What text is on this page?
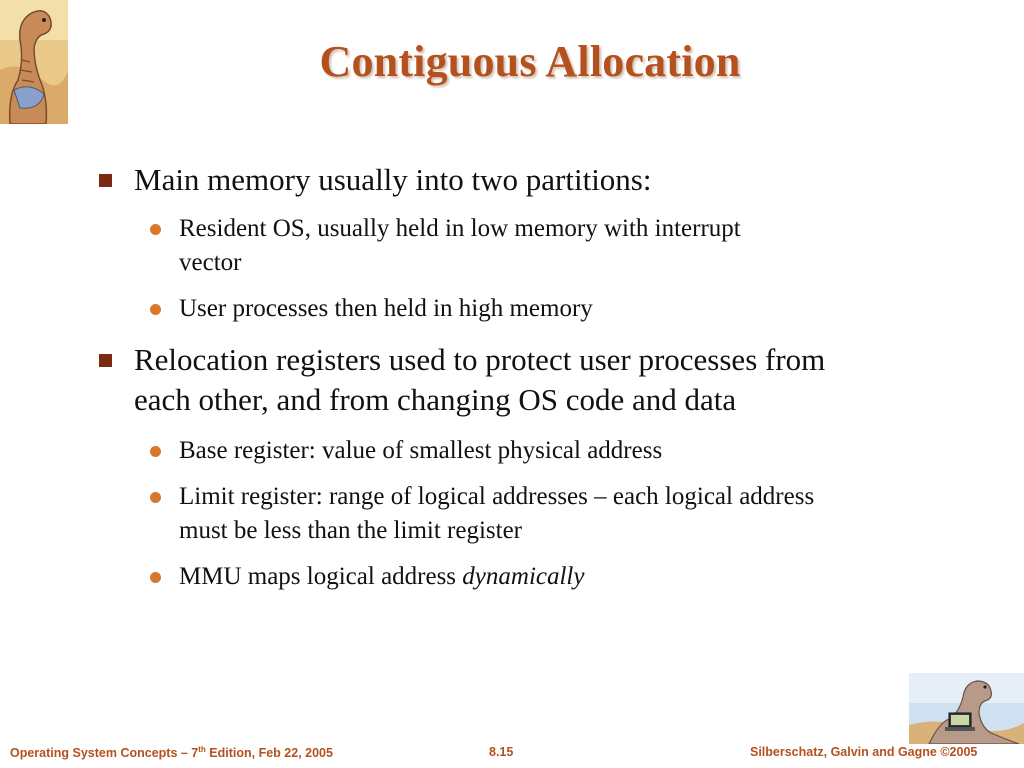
Contiguous Allocation
Main memory usually into two partitions:
Resident OS, usually held in low memory with interrupt vector
User processes then held in high memory
Relocation registers used to protect user processes from each other, and from changing OS code and data
Base register: value of smallest physical address
Limit register: range of logical addresses – each logical address must be less than the limit register
MMU maps logical address dynamically
Operating System Concepts – 7th Edition, Feb 22, 2005	8.15	Silberschatz, Galvin and Gagne ©2005
